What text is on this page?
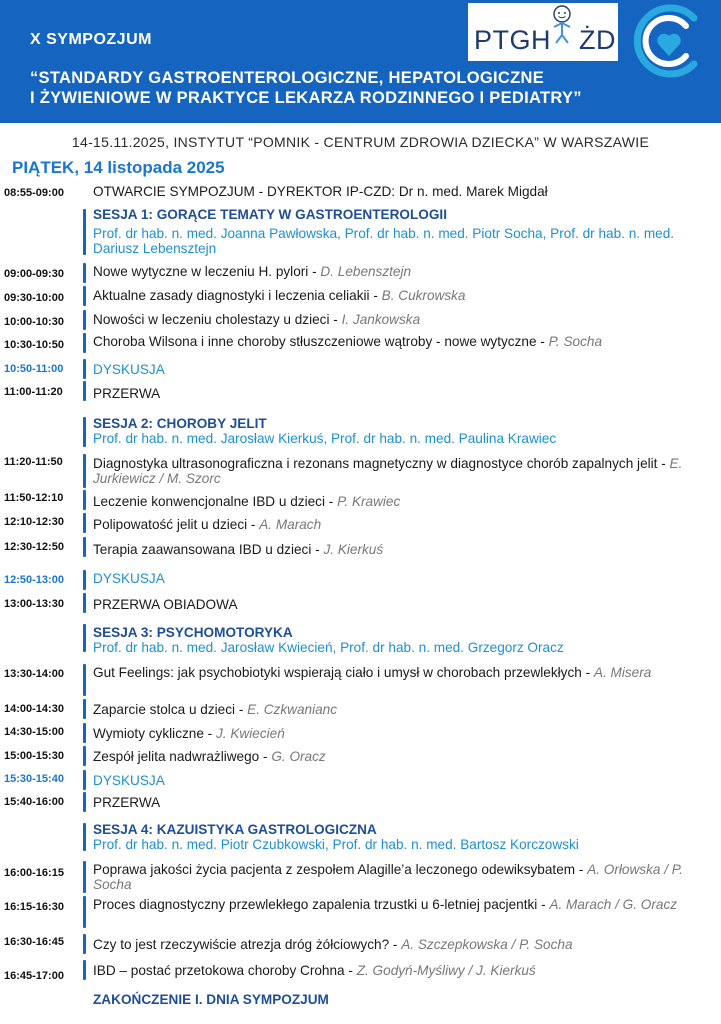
X SYMPOZJUM
“STANDARDY GASTROENTEROLOGICZNE, HEPATOLOGICZNE
I ŻYWIENIOWE W PRAKTYCE LEKARZA RODZINNEGO I PEDIATRY”
PTGH ŻD
14-15.11.2025, INSTYTUT “POMNIK - CENTRUM ZDROWIA DZIECKA” W WARSZAWIE
PIĄTEK, 14 listopada 2025
08:55-09:00	OTWARCIE SYMPOZJUM - DYREKTOR IP-CZD: Dr n. med. Marek Migdał
SESJA 1: GORĄCE TEMATY W GASTROENTEROLOGII
Prof. dr hab. n. med. Joanna Pawłowska, Prof. dr hab. n. med. Piotr Socha, Prof. dr hab. n. med. Dariusz Lebensztejn
09:00-09:30	Nowe wytyczne w leczeniu H. pylori - D. Lebensztejn
09:30-10:00	Aktualne zasady diagnostyki i leczenia celiakii - B. Cukrowska
10:00-10:30	Nowości w leczeniu cholestazy u dzieci - I. Jankowska
10:30-10:50	Choroba Wilsona i inne choroby stłuszczeniowe wątroby - nowe wytyczne - P. Socha
10:50-11:00	DYSKUSJA
11:00-11:20	PRZERWA
SESJA 2: CHOROBY JELIT
Prof. dr hab. n. med. Jarosław Kierkuś, Prof. dr hab. n. med. Paulina Krawiec
11:20-11:50	Diagnostyka ultrasonograficzna i rezonans magnetyczny w diagnostyce chorób zapalnych jelit - E. Jurkiewicz / M. Szorc
11:50-12:10	Leczenie konwencjonalne IBD u dzieci - P. Krawiec
12:10-12:30	Polipowatość jelit u dzieci - A. Marach
12:30-12:50	Terapia zaawansowana IBD u dzieci - J. Kierkuś
12:50-13:00	DYSKUSJA
13:00-13:30	PRZERWA OBIADOWA
SESJA 3: PSYCHOMOTORYKA
Prof. dr hab. n. med. Jarosław Kwiecień, Prof. dr hab. n. med. Grzegorz Oracz
13:30-14:00	Gut Feelings: jak psychobiotyki wspierają ciało i umysł w chorobach przewlekłych - A. Misera
14:00-14:30	Zaparcie stolca u dzieci - E. Czkwanianc
14:30-15:00	Wymioty cykliczne - J. Kwiecień
15:00-15:30	Zespół jelita nadwrażliwego - G. Oracz
15:30-15:40	DYSKUSJA
15:40-16:00	PRZERWA
SESJA 4: KAZUISTYKA GASTROLOGICZNA
Prof. dr hab. n. med. Piotr Czubkowski, Prof. dr hab. n. med. Bartosz Korczowski
16:00-16:15	Poprawa jakości życia pacjenta z zespołem Alagille’a leczonego odewiksybatem - A. Orłowska / P. Socha
16:15-16:30	Proces diagnostyczny przewlekłego zapalenia trzustki u 6-letniej pacjentki - A. Marach / G. Oracz
16:30-16:45	Czy to jest rzeczywiście atrezja dróg żółciowych? - A. Szczepkowska / P. Socha
16:45-17:00	IBD – postać przetokowa choroby Crohna - Z. Godyń-Myśliwy / J. Kierkuś
ZAKOŃCZENIE I. DNIA SYMPOZJUM
